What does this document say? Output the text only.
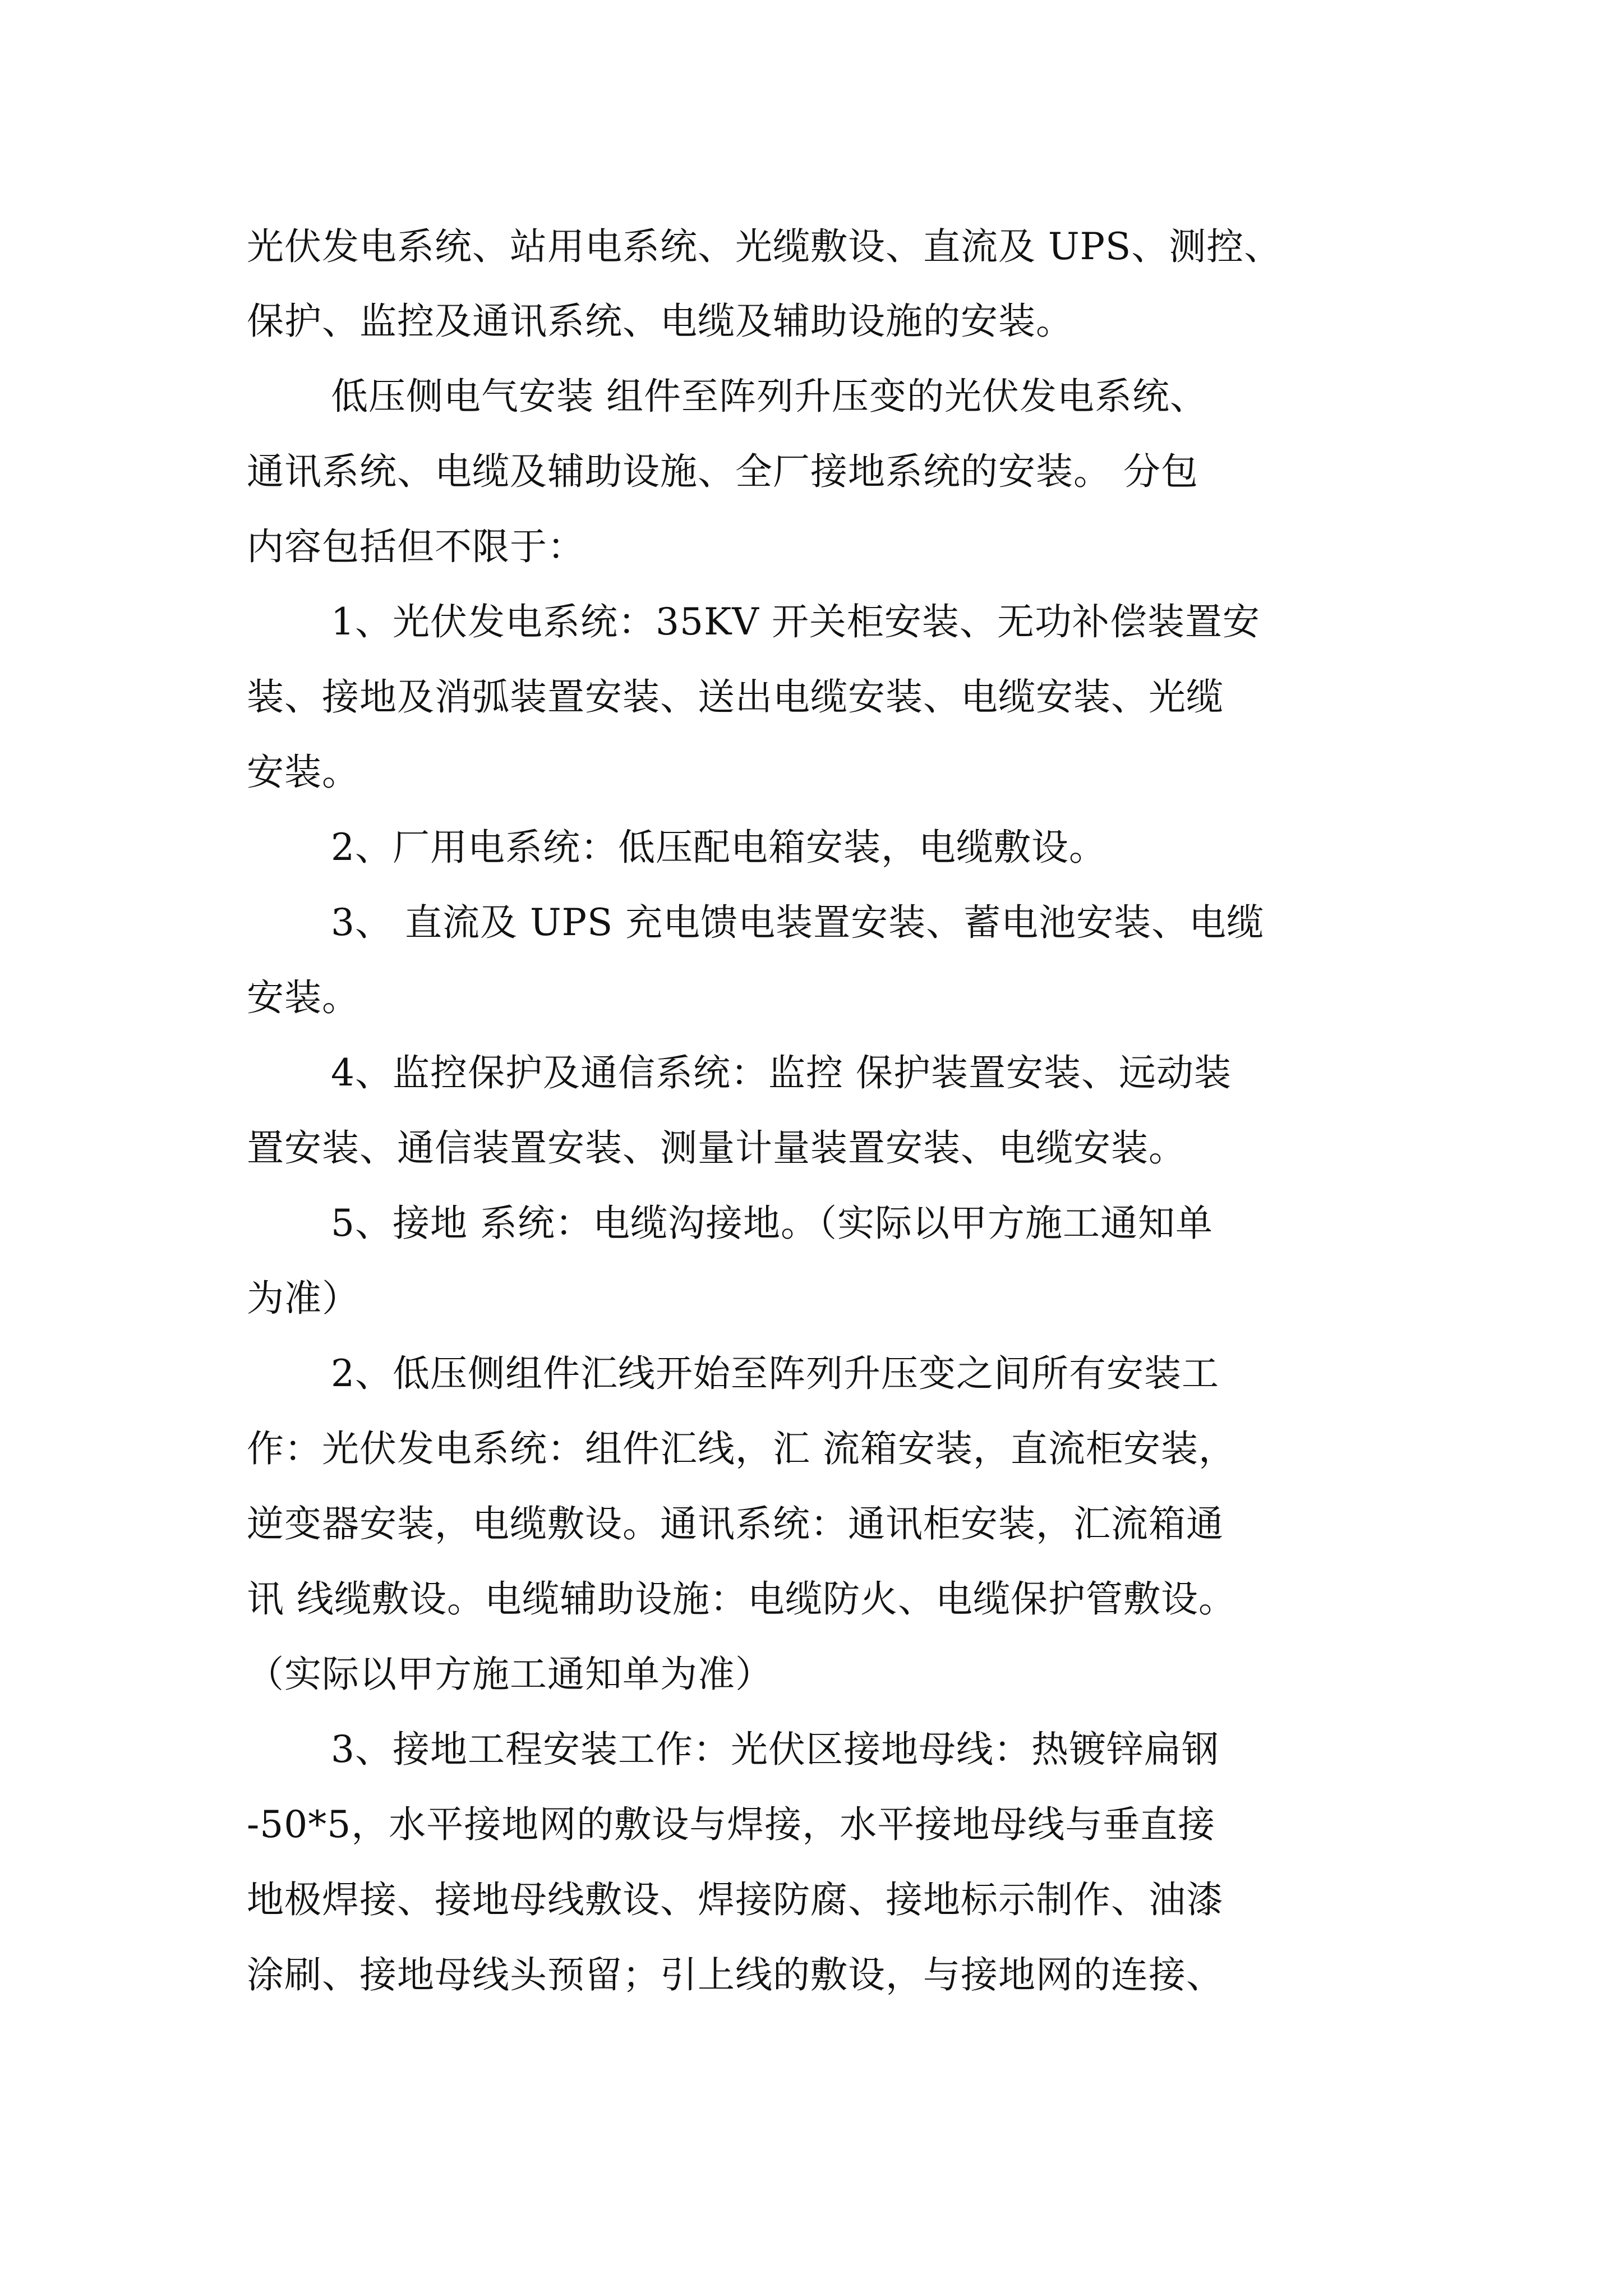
光伏发电系统、站用电系统、光缆敷设、直流及 UPS、测控、
保护、监控及通讯系统、电缆及辅助设施的安装。
低压侧电气安装 组件至阵列升压变的光伏发电系统、
通讯系统、电缆及辅助设施、全厂接地系统的安装。 分包
内容包括但不限于：
1、光伏发电系统：35KV 开关柜安装、无功补偿装置安
装、接地及消弧装置安装、送出电缆安装、电缆安装、光缆
安装。
2、厂用电系统：低压配电箱安装，电缆敷设。
3、 直流及 UPS 充电馈电装置安装、蓄电池安装、电缆
安装。
4、监控保护及通信系统：监控 保护装置安装、远动装
置安装、通信装置安装、测量计量装置安装、电缆安装。
5、接地 系统：电缆沟接地。（实际以甲方施工通知单
为准）
2、低压侧组件汇线开始至阵列升压变之间所有安装工
作：光伏发电系统：组件汇线，汇 流箱安装，直流柜安装，
逆变器安装，电缆敷设。通讯系统：通讯柜安装，汇流箱通
讯 线缆敷设。电缆辅助设施：电缆防火、电缆保护管敷设。
（实际以甲方施工通知单为准）
3、接地工程安装工作：光伏区接地母线：热镀锌扁钢
-50*5，水平接地网的敷设与焊接，水平接地母线与垂直接
地极焊接、接地母线敷设、焊接防腐、接地标示制作、油漆
涂刷、接地母线头预留；引上线的敷设，与接地网的连接、
